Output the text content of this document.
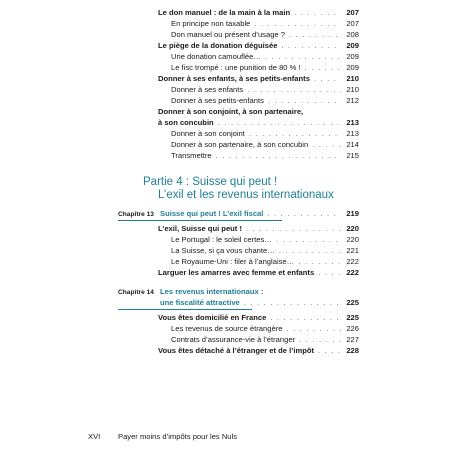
Le don manuel : de la main à la main . . .	207
En principe non taxable . . .	207
Don manuel ou présent d’usage ? . . .	208
Le piège de la donation déguisée . . .	209
Une donation camouflée… . . .	209
Le fisc trompé : une punition de 80 % ! . . .	209
Donner à ses enfants, à ses petits-enfants . . .	210
Donner à ses enfants . . .	210
Donner à ses petits-enfants . . .	212
Donner à son conjoint, à son partenaire,
à son concubin . . .	213
Donner à son conjoint . . .	213
Donner à son partenaire, à son concubin . . .	214
Transmettre . . .	215
Partie 4 : Suisse qui peut !
L’exil et les revenus internationaux
Chapitre 13 Suisse qui peut ! L’exil fiscal . . .	219
L’exil, Suisse qui peut ! . . .	220
Le Portugal : le soleil certes… . . .	220
La Suisse, si ça vous chante… . . .	221
Le Royaume-Uni : filer à l’anglaise… . . .	222
Larguer les amarres avec femme et enfants . . .	222
Chapitre 14 Les revenus internationaux :
une fiscalité attractive . . .	225
Vous êtes domicilié en France . . .	225
Les revenus de source étrangère . . .	226
Contrats d’assurance-vie à l’étranger . . .	227
Vous êtes détaché à l’étranger et de l’impôt . . .	228
XVI Payer moins d’impôts pour les Nuls
